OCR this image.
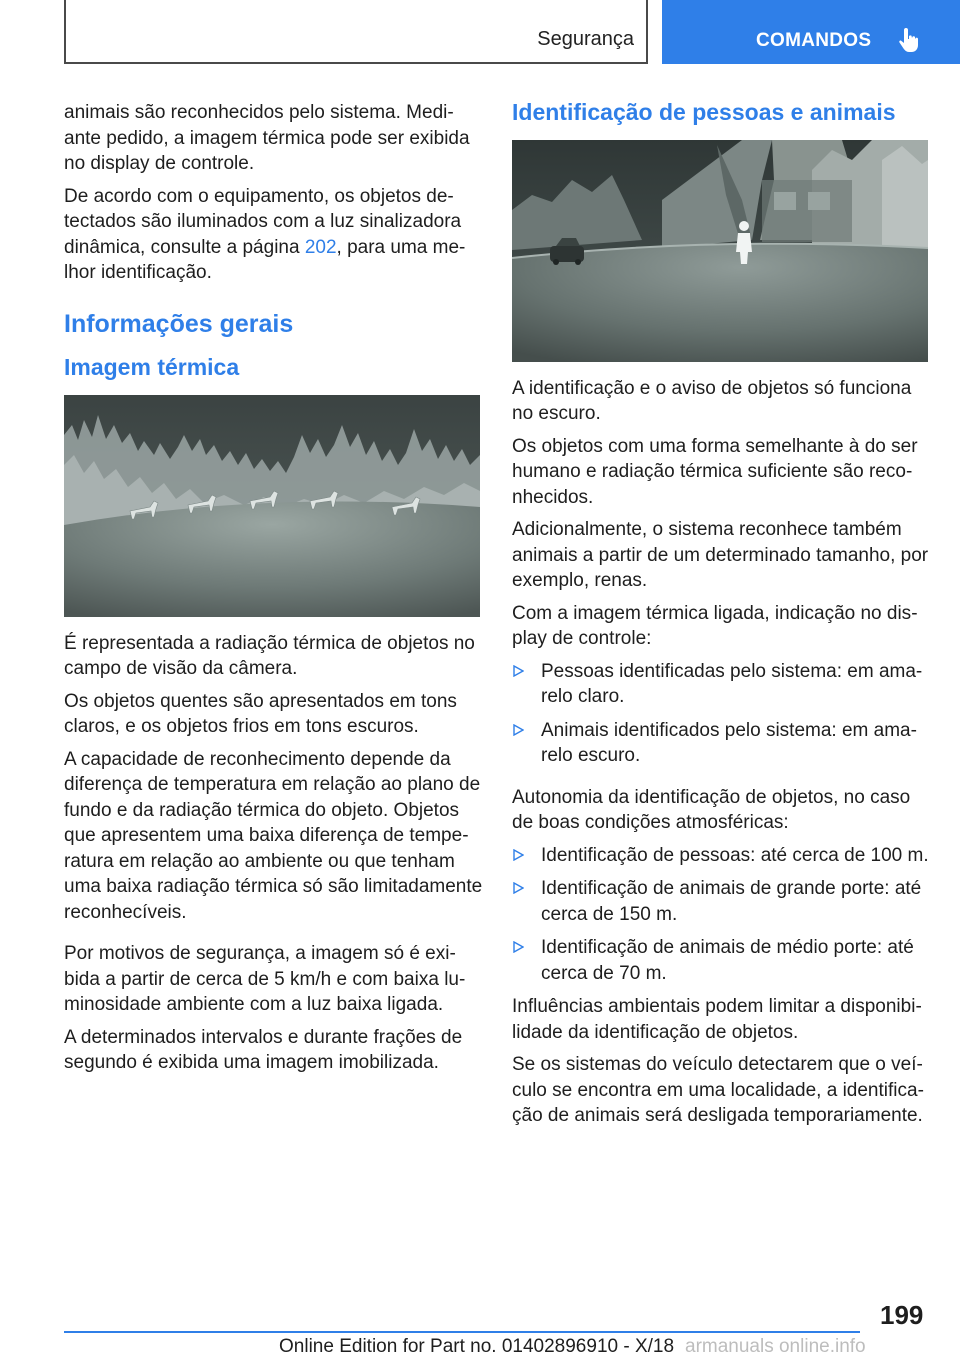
Segurança	COMANDOS

animais são reconhecidos pelo sistema. Mediante pedido, a imagem térmica pode ser exibida no display de controle.

De acordo com o equipamento, os objetos detectados são iluminados com a luz sinalizadora dinâmica, consulte a página 202, para uma melhor identificação.

Informações gerais
Imagem térmica

É representada a radiação térmica de objetos no campo de visão da câmera.

Os objetos quentes são apresentados em tons claros, e os objetos frios em tons escuros.

A capacidade de reconhecimento depende da diferença de temperatura em relação ao plano de fundo e da radiação térmica do objeto. Objetos que apresentem uma baixa diferença de temperatura em relação ao ambiente ou que tenham uma baixa radiação térmica só são limitadamente reconhecíveis.

Por motivos de segurança, a imagem só é exibida a partir de cerca de 5 km/h e com baixa luminosidade ambiente com a luz baixa ligada.

A determinados intervalos e durante frações de segundo é exibida uma imagem imobilizada.

Identificação de pessoas e animais

A identificação e o aviso de objetos só funciona no escuro.

Os objetos com uma forma semelhante à do ser humano e radiação térmica suficiente são reconhecidos.

Adicionalmente, o sistema reconhece também animais a partir de um determinado tamanho, por exemplo, renas.

Com a imagem térmica ligada, indicação no display de controle:

Pessoas identificadas pelo sistema: em amarelo claro.
Animais identificados pelo sistema: em amarelo escuro.

Autonomia da identificação de objetos, no caso de boas condições atmosféricas:

Identificação de pessoas: até cerca de 100 m.
Identificação de animais de grande porte: até cerca de 150 m.
Identificação de animais de médio porte: até cerca de 70 m.

Influências ambientais podem limitar a disponibilidade da identificação de objetos.

Se os sistemas do veículo detectarem que o veículo se encontra em uma localidade, a identificação de animais será desligada temporariamente.

199
Online Edition for Part no. 01402896910 - X/18 armanuals online.info
